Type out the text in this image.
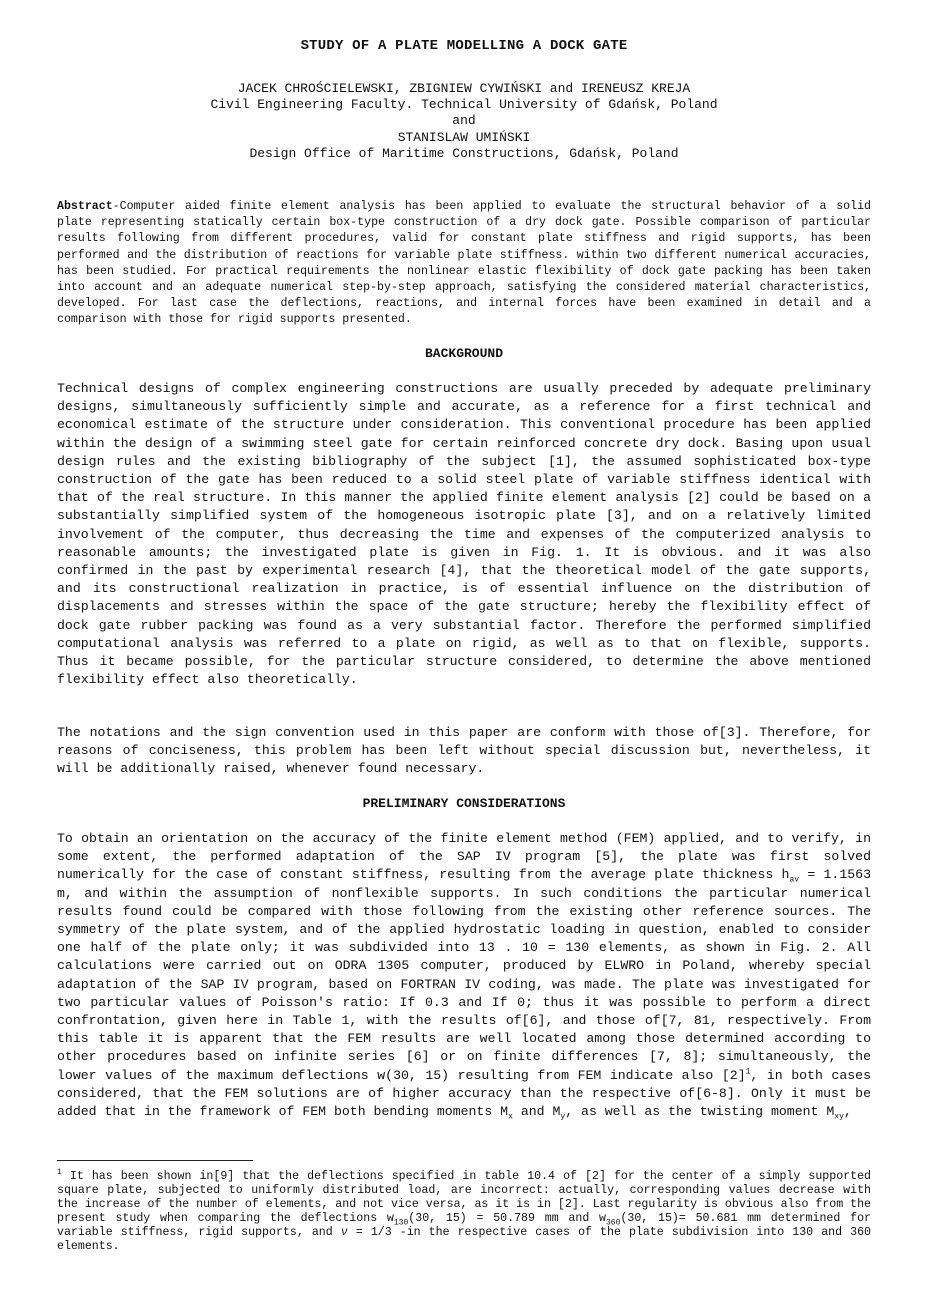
STUDY OF A PLATE MODELLING A DOCK GATE
JACEK CHROŚCIELEWSKI, ZBIGNIEW CYWIŃSKI and IRENEUSZ KREJA
Civil Engineering Faculty. Technical University of Gdańsk, Poland
and
STANISLAW UMIŃSKI
Design Office of Maritime Constructions, Gdańsk, Poland
Abstract-Computer aided finite element analysis has been applied to evaluate the structural behavior of a solid plate representing statically certain box-type construction of a dry dock gate. Possible comparison of particular results following from different procedures, valid for constant plate stiffness and rigid supports, has been performed and the distribution of reactions for variable plate stiffness. within two different numerical accuracies, has been studied. For practical requirements the nonlinear elastic flexibility of dock gate packing has been taken into account and an adequate numerical step-by-step approach, satisfying the considered material characteristics, developed. For last case the deflections, reactions, and internal forces have been examined in detail and a comparison with those for rigid supports presented.
BACKGROUND
Technical designs of complex engineering constructions are usually preceded by adequate preliminary designs, simultaneously sufficiently simple and accurate, as a reference for a first technical and economical estimate of the structure under consideration. This conventional procedure has been applied within the design of a swimming steel gate for certain reinforced concrete dry dock. Basing upon usual design rules and the existing bibliography of the subject [1], the assumed sophisticated box-type construction of the gate has been reduced to a solid steel plate of variable stiffness identical with that of the real structure. In this manner the applied finite element analysis [2] could be based on a substantially simplified system of the homogeneous isotropic plate [3], and on a relatively limited involvement of the computer, thus decreasing the time and expenses of the computerized analysis to reasonable amounts; the investigated plate is given in Fig. 1. It is obvious. and it was also confirmed in the past by experimental research [4], that the theoretical model of the gate supports, and its constructional realization in practice, is of essential influence on the distribution of displacements and stresses within the space of the gate structure; hereby the flexibility effect of dock gate rubber packing was found as a very substantial factor. Therefore the performed simplified computational analysis was referred to a plate on rigid, as well as to that on flexible, supports. Thus it became possible, for the particular structure considered, to determine the above mentioned flexibility effect also theoretically.
The notations and the sign convention used in this paper are conform with those of[3]. Therefore, for reasons of conciseness, this problem has been left without special discussion but, nevertheless, it will be additionally raised, whenever found necessary.
PRELIMINARY CONSIDERATIONS
To obtain an orientation on the accuracy of the finite element method (FEM) applied, and to verify, in some extent, the performed adaptation of the SAP IV program [5], the plate was first solved numerically for the case of constant stiffness, resulting from the average plate thickness $h_{av} = 1.1563$ m, and within the assumption of nonflexible supports. In such conditions the particular numerical results found could be compared with those following from the existing other reference sources. The symmetry of the plate system, and of the applied hydrostatic loading in question, enabled to consider one half of the plate only; it was subdivided into 13 . 10 = 130 elements, as shown in Fig. 2. All calculations were carried out on ODRA 1305 computer, produced by ELWRO in Poland, whereby special adaptation of the SAP IV program, based on FORTRAN IV coding, was made. The plate was investigated for two particular values of Poisson's ratio: If 0.3 and If 0; thus it was possible to perform a direct confrontation, given here in Table 1, with the results of[6], and those of[7, 81, respectively. From this table it is apparent that the FEM results are well located among those determined according to other procedures based on infinite series [6] or on finite differences [7, 8]; simultaneously, the lower values of the maximum deflections w(30, 15) resulting from FEM indicate also $[2]^1$, in both cases considered, that the FEM solutions are of higher accuracy than the respective of[6-8]. Only it must be added that in the framework of FEM both bending moments $M_x$ and $M_y$, as well as the twisting moment $M_{xy}$,
$^1$ It has been shown in[9] that the deflections specified in table 10.4 of [2] for the center of a simply supported square plate, subjected to uniformly distributed load, are incorrect: actually, corresponding values decrease with the increase of the number of elements, and not vice versa, as it is in [2]. Last regularity is obvious also from the present study when comparing the deflections $w_{130}(30$, 15) = 50.789 mm and $w_{360}(30$, 15)= 50.681 mm determined for variable stiffness, rigid supports, and ν = 1/3 -in the respective cases of the plate subdivision into 130 and 360 elements.
